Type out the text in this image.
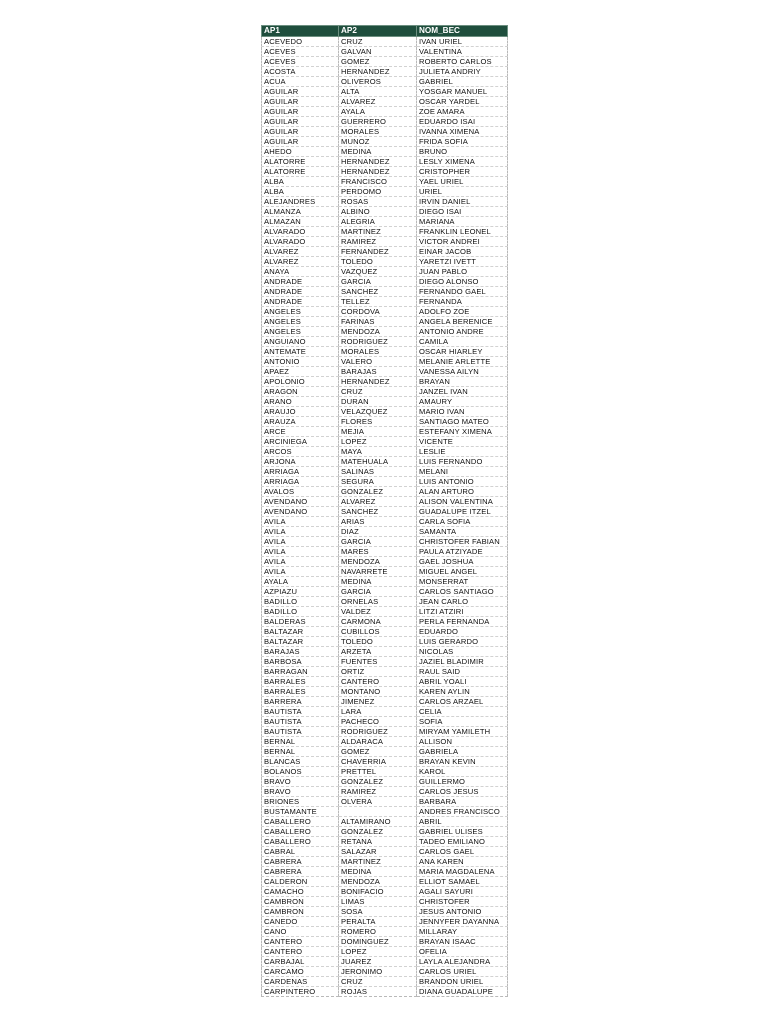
AP1	AP2	NOM_BEC
ACEVEDO	CRUZ	IVAN URIEL
ACEVES	GALVAN	VALENTINA
ACEVES	GOMEZ	ROBERTO CARLOS
ACOSTA	HERNANDEZ	JULIETA ANDRIY
ACUA	OLIVEROS	GABRIEL
AGUILAR	ALTA	YOSGAR MANUEL
AGUILAR	ALVAREZ	OSCAR YARDEL
AGUILAR	AYALA	ZOE AMARA
AGUILAR	GUERRERO	EDUARDO ISAI
AGUILAR	MORALES	IVANNA XIMENA
AGUILAR	MUNOZ	FRIDA SOFIA
AHEDO	MEDINA	BRUNO
ALATORRE	HERNANDEZ	LESLY XIMENA
ALATORRE	HERNANDEZ	CRISTOPHER
ALBA	FRANCISCO	YAEL URIEL
ALBA	PERDOMO	URIEL
ALEJANDRES	ROSAS	IRVIN DANIEL
ALMANZA	ALBINO	DIEGO ISAI
ALMAZAN	ALEGRIA	MARIANA
ALVARADO	MARTINEZ	FRANKLIN LEONEL
ALVARADO	RAMIREZ	VICTOR ANDREI
ALVAREZ	FERNANDEZ	EINAR JACOB
ALVAREZ	TOLEDO	YARETZI IVETT
ANAYA	VAZQUEZ	JUAN PABLO
ANDRADE	GARCIA	DIEGO ALONSO
ANDRADE	SANCHEZ	FERNANDO GAEL
ANDRADE	TELLEZ	FERNANDA
ANGELES	CORDOVA	ADOLFO ZOE
ANGELES	FARINAS	ANGELA BERENICE
ANGELES	MENDOZA	ANTONIO ANDRE
ANGUIANO	RODRIGUEZ	CAMILA
ANTEMATE	MORALES	OSCAR HIARLEY
ANTONIO	VALERO	MELANIE ARLETTE
APAEZ	BARAJAS	VANESSA AILYN
APOLONIO	HERNANDEZ	BRAYAN
ARAGON	CRUZ	JANZEL IVAN
ARANO	DURAN	AMAURY
ARAUJO	VELAZQUEZ	MARIO IVAN
ARAUZA	FLORES	SANTIAGO MATEO
ARCE	MEJIA	ESTEFANY XIMENA
ARCINIEGA	LOPEZ	VICENTE
ARCOS	MAYA	LESLIE
ARJONA	MATEHUALA	LUIS FERNANDO
ARRIAGA	SALINAS	MELANI
ARRIAGA	SEGURA	LUIS ANTONIO
AVALOS	GONZALEZ	ALAN ARTURO
AVENDANO	ALVAREZ	ALISON VALENTINA
AVENDANO	SANCHEZ	GUADALUPE ITZEL
AVILA	ARIAS	CARLA SOFIA
AVILA	DIAZ	SAMANTA
AVILA	GARCIA	CHRISTOFER FABIAN
AVILA	MARES	PAULA ATZIYADE
AVILA	MENDOZA	GAEL JOSHUA
AVILA	NAVARRETE	MIGUEL ANGEL
AYALA	MEDINA	MONSERRAT
AZPIAZU	GARCIA	CARLOS SANTIAGO
BADILLO	ORNELAS	JEAN CARLO
BADILLO	VALDEZ	LITZI ATZIRI
BALDERAS	CARMONA	PERLA FERNANDA
BALTAZAR	CUBILLOS	EDUARDO
BALTAZAR	TOLEDO	LUIS GERARDO
BARAJAS	ARZETA	NICOLAS
BARBOSA	FUENTES	JAZIEL BLADIMIR
BARRAGAN	ORTIZ	RAUL SAID
BARRALES	CANTERO	ABRIL YOALI
BARRALES	MONTANO	KAREN AYLIN
BARRERA	JIMENEZ	CARLOS ARZAEL
BAUTISTA	LARA	CELIA
BAUTISTA	PACHECO	SOFIA
BAUTISTA	RODRIGUEZ	MIRYAM YAMILETH
BERNAL	ALDARACA	ALLISON
BERNAL	GOMEZ	GABRIELA
BLANCAS	CHAVERRIA	BRAYAN KEVIN
BOLANOS	PRETTEL	KAROL
BRAVO	GONZALEZ	GUILLERMO
BRAVO	RAMIREZ	CARLOS JESUS
BRIONES	OLVERA	BARBARA
BUSTAMANTE		ANDRES FRANCISCO
CABALLERO	ALTAMIRANO	ABRIL
CABALLERO	GONZALEZ	GABRIEL ULISES
CABALLERO	RETANA	TADEO EMILIANO
CABRAL	SALAZAR	CARLOS GAEL
CABRERA	MARTINEZ	ANA KAREN
CABRERA	MEDINA	MARIA MAGDALENA
CALDERON	MENDOZA	ELLIOT SAMAEL
CAMACHO	BONIFACIO	AGALI SAYURI
CAMBRON	LIMAS	CHRISTOFER
CAMBRON	SOSA	JESUS ANTONIO
CANEDO	PERALTA	JENNYFER DAYANNA
CANO	ROMERO	MILLARAY
CANTERO	DOMINGUEZ	BRAYAN ISAAC
CANTERO	LOPEZ	OFELIA
CARBAJAL	JUAREZ	LAYLA ALEJANDRA
CARCAMO	JERONIMO	CARLOS URIEL
CARDENAS	CRUZ	BRANDON URIEL
CARPINTERO	ROJAS	DIANA GUADALUPE
